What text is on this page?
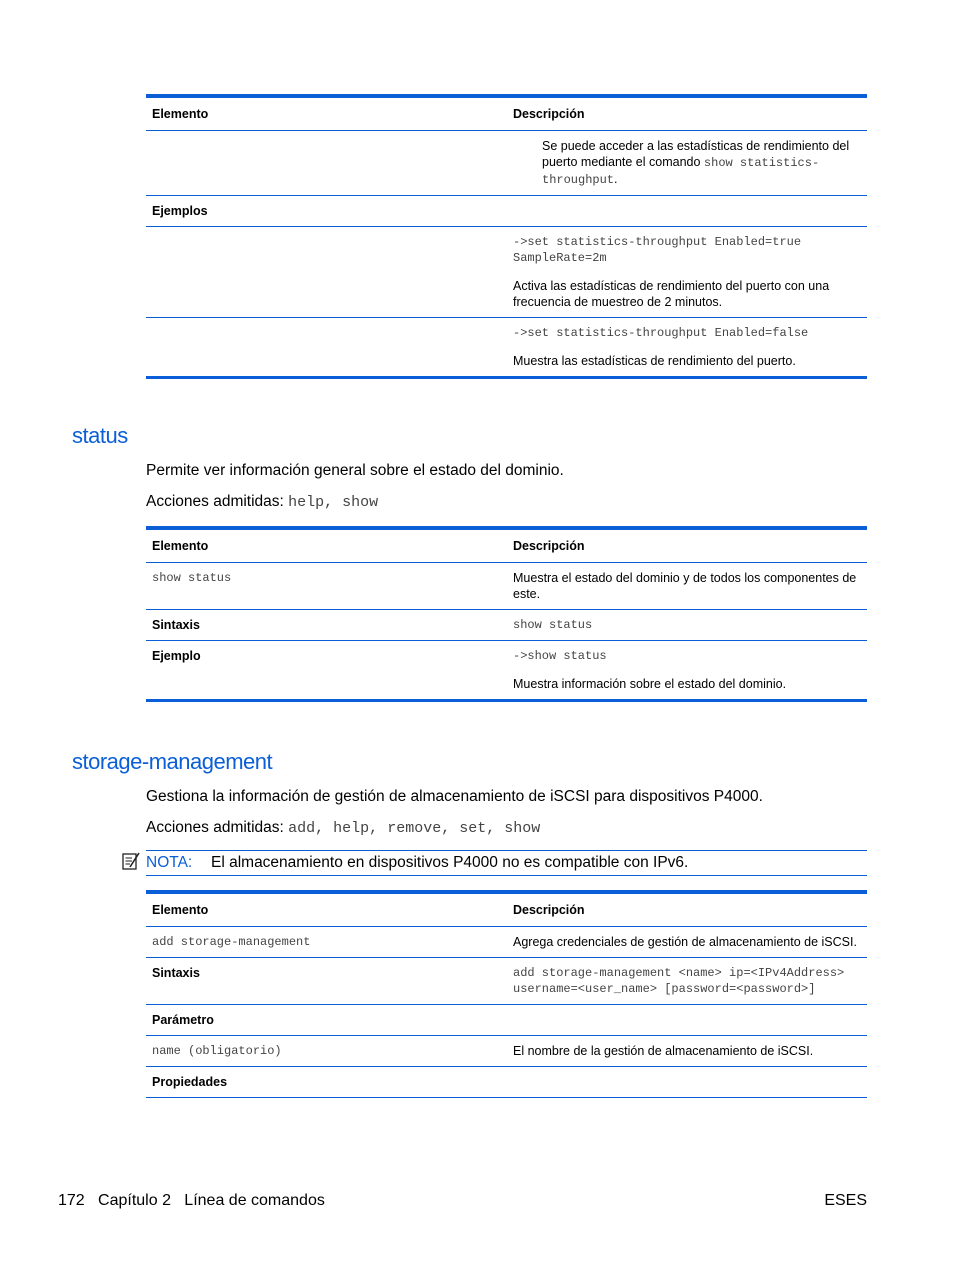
Elemento	Descripción
Se puede acceder a las estadísticas de rendimiento del puerto mediante el comando show statistics-throughput.
Ejemplos

->set statistics-throughput Enabled=true SampleRate=2m

Activa las estadísticas de rendimiento del puerto con una frecuencia de muestreo de 2 minutos.

->set statistics-throughput Enabled=false

Muestra las estadísticas de rendimiento del puerto.

status

Permite ver información general sobre el estado del dominio.

Acciones admitidas: help, show

Elemento	Descripción
show status	Muestra el estado del dominio y de todos los componentes de este.
Sintaxis	show status
Ejemplo	->show status

Muestra información sobre el estado del dominio.

storage-management

Gestiona la información de gestión de almacenamiento de iSCSI para dispositivos P4000.

Acciones admitidas: add, help, remove, set, show

NOTA: El almacenamiento en dispositivos P4000 no es compatible con IPv6.
Elemento	Descripción
add storage-management	Agrega credenciales de gestión de almacenamiento de iSCSI.
Sintaxis	add storage-management <name> ip=<IPv4Address> username=<user_name> [password=<password>]
Parámetro
name (obligatorio)	El nombre de la gestión de almacenamiento de iSCSI.
Propiedades
172   Capítulo 2   Línea de comandos	ESES
